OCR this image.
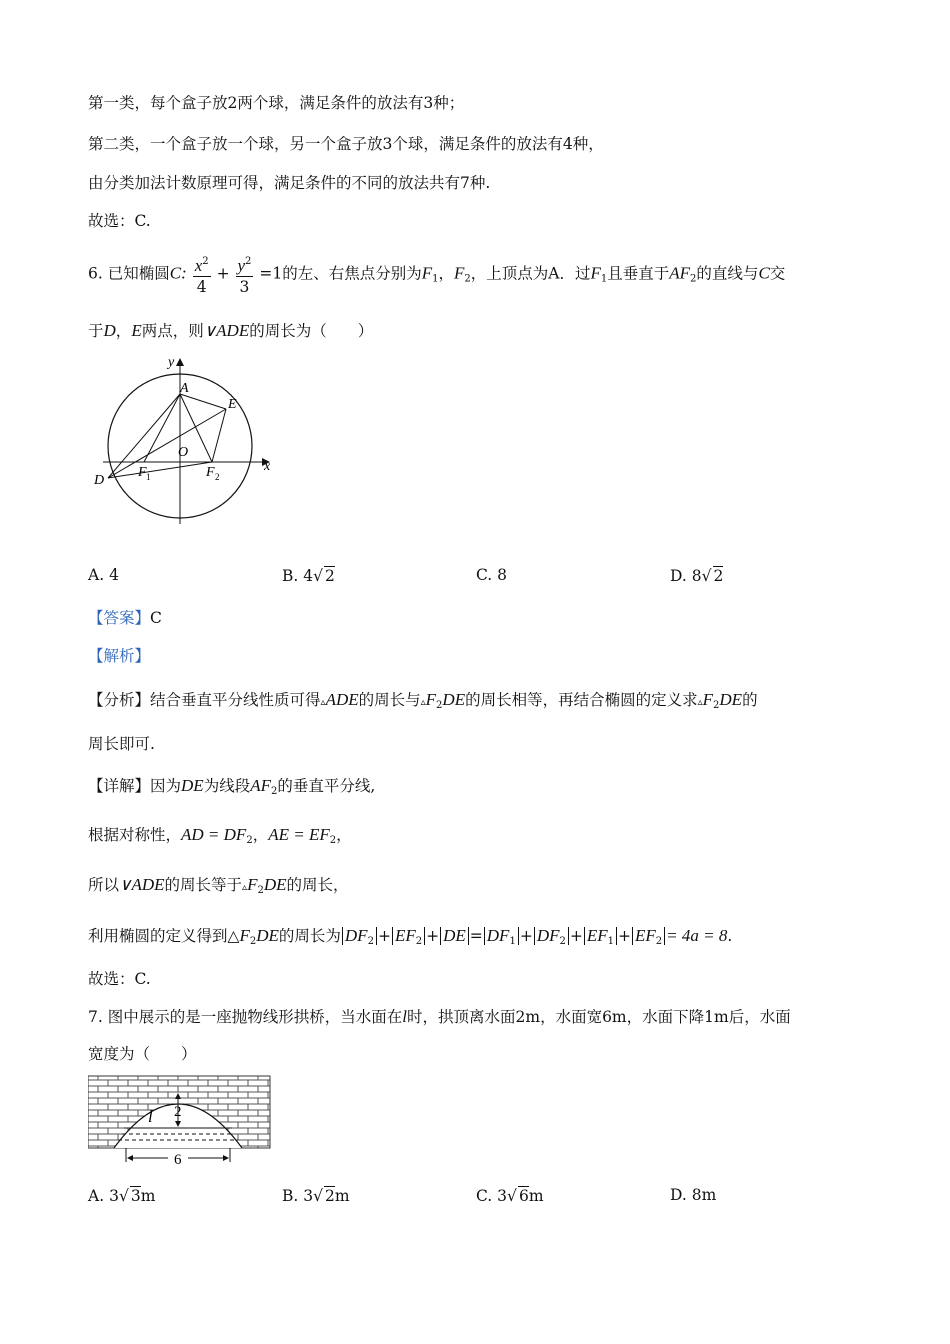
第一类，每个盒子放2两个球，满足条件的放法有3种；
第二类，一个盒子放一个球，另一个盒子放3个球，满足条件的放法有4种，
由分类加法计数原理可得，满足条件的不同的放法共有7种.
故选：C.
6. 已知椭圆C: $\frac{x^2}{4} + \frac{y^2}{3} =1$的左、右焦点分别为$F_1$，$F_2$，上顶点为A．过$F_1$且垂直于$AF_2$的直线与C交
于D，E两点，则∨ADE的周长为（　　）
y
x
A
E
O
D
F 1	F 2
A. 4	B. 4√ 2	C. 8	D. 8√ 2
【答案】C
【解析】
【分析】结合垂直平分线性质可得▵ADE的周长与$▵F_2DE$的周长相等，再结合椭圆的定义求$▵F_2DE$的
周长即可.
【详解】因为DE为线段$AF_2$的垂直平分线,
根据对称性，AD = $DF_2$，AE = $EF_2$，
所以∨ADE的周长等于$▵F_2DE$的周长，
利用椭圆的定义得到$\triangle F_2DE$的周长为 $DF_2 + EF_2$ + DE = $DF_1 + DF_2 + EF_1 + EF_2 = 4a = 8$.
故选：C.
7. 图中展示的是一座抛物线形拱桥，当水面在l时，拱顶离水面2m，水面宽6m，水面下降1m后，水面
宽度为（　　）
2
l
6
A. 3√ 3m	B. 3√ 2m	C. 3√ 6m	D. 8m
